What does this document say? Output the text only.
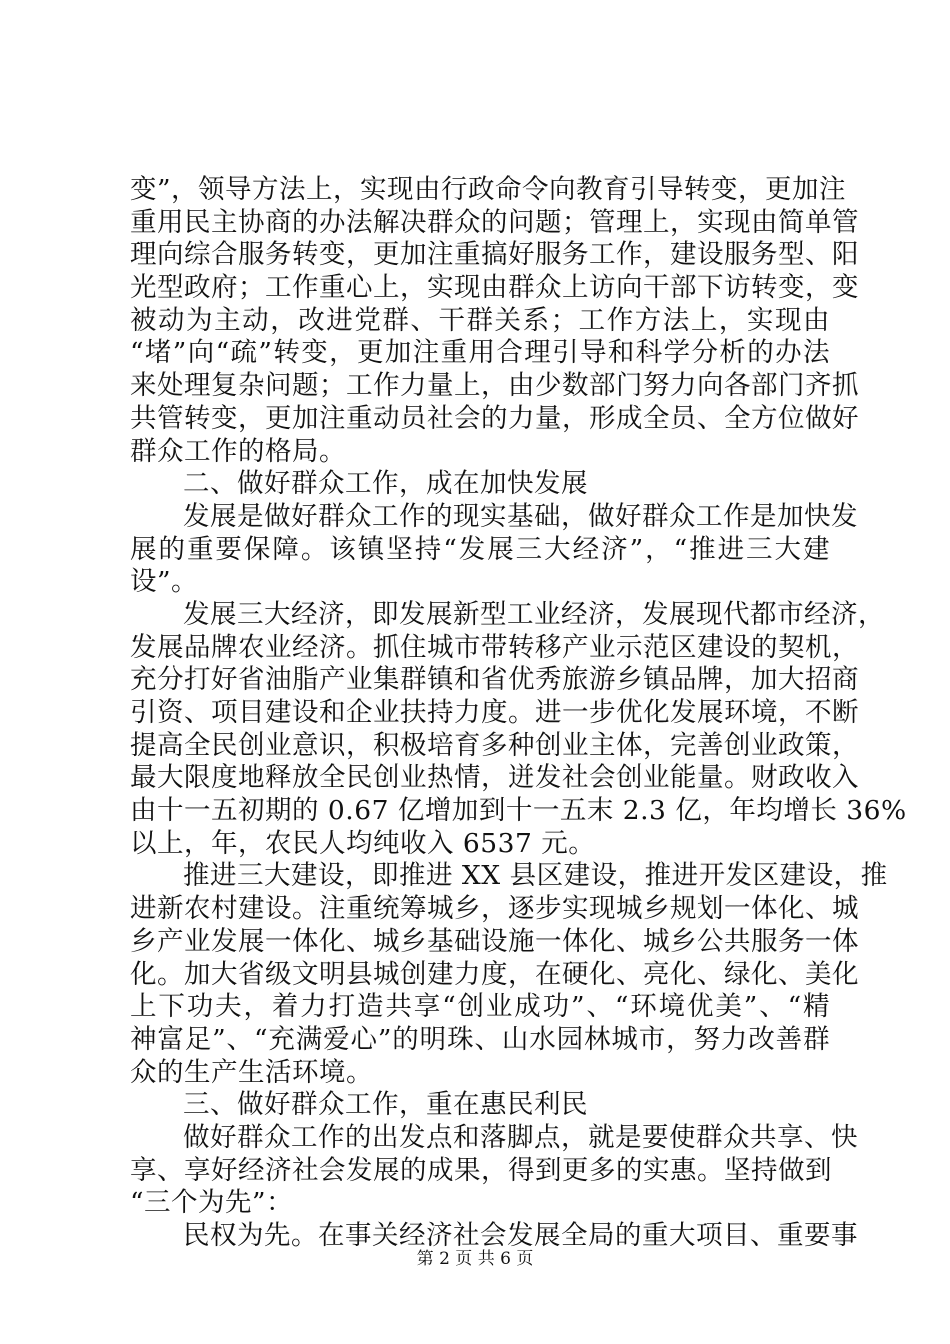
变”，领导方法上，实现由行政命令向教育引导转变，更加注
重用民主协商的办法解决群众的问题；管理上，实现由简单管
理向综合服务转变，更加注重搞好服务工作，建设服务型、阳
光型政府；工作重心上，实现由群众上访向干部下访转变，变
被动为主动，改进党群、干群关系；工作方法上，实现由
“堵”向“疏”转变，更加注重用合理引导和科学分析的办法
来处理复杂问题；工作力量上，由少数部门努力向各部门齐抓
共管转变，更加注重动员社会的力量，形成全员、全方位做好
群众工作的格局。
二、做好群众工作，成在加快发展
发展是做好群众工作的现实基础，做好群众工作是加快发
展的重要保障。该镇坚持“发展三大经济”，“推进三大建
设”。
发展三大经济，即发展新型工业经济，发展现代都市经济，
发展品牌农业经济。抓住城市带转移产业示范区建设的契机，
充分打好省油脂产业集群镇和省优秀旅游乡镇品牌，加大招商
引资、项目建设和企业扶持力度。进一步优化发展环境，不断
提高全民创业意识，积极培育多种创业主体，完善创业政策，
最大限度地释放全民创业热情，迸发社会创业能量。财政收入
由十一五初期的 0.67 亿增加到十一五末 2.3 亿，年均增长 36%
以上，年，农民人均纯收入 6537 元。
推进三大建设，即推进 XX 县区建设，推进开发区建设，推
进新农村建设。注重统筹城乡，逐步实现城乡规划一体化、城
乡产业发展一体化、城乡基础设施一体化、城乡公共服务一体
化。加大省级文明县城创建力度，在硬化、亮化、绿化、美化
上下功夫，着力打造共享“创业成功”、“环境优美”、“精
神富足”、“充满爱心”的明珠、山水园林城市，努力改善群
众的生产生活环境。
三、做好群众工作，重在惠民利民
做好群众工作的出发点和落脚点，就是要使群众共享、快
享、享好经济社会发展的成果，得到更多的实惠。坚持做到
“三个为先”：
民权为先。在事关经济社会发展全局的重大项目、重要事
第 2 页 共 6 页
